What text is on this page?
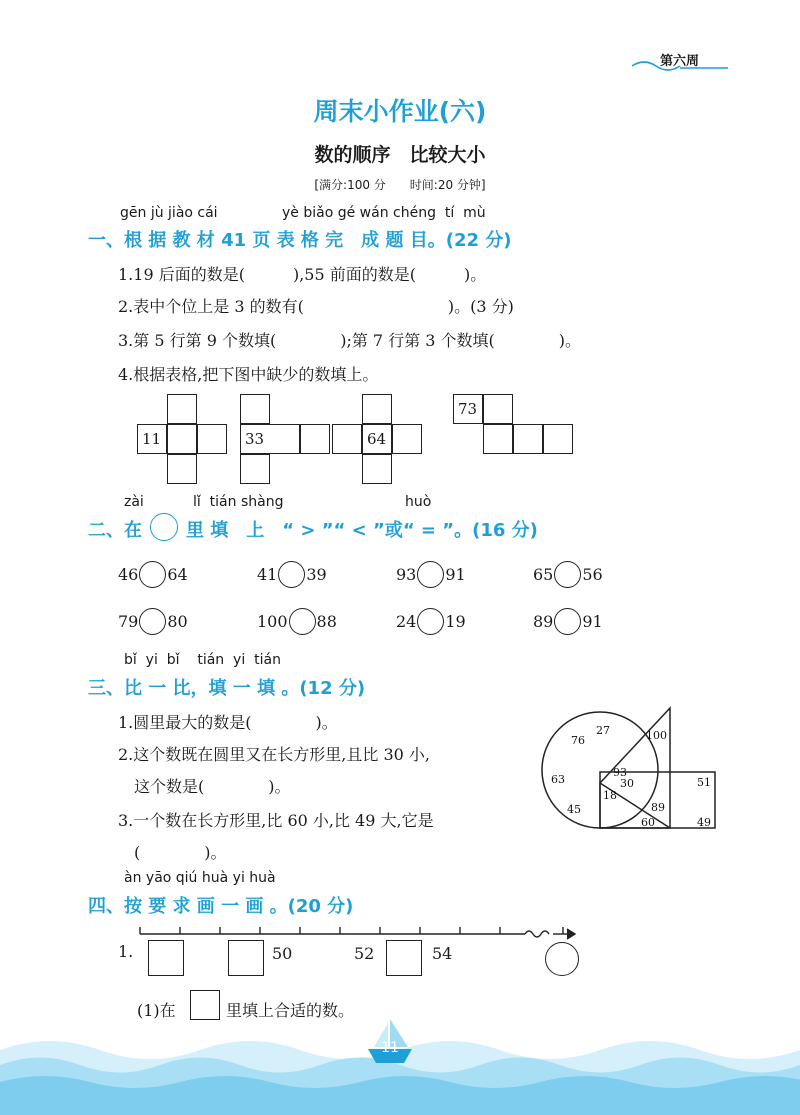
第六周
周末小作业(六)
数的顺序　比较大小
[满分:100 分　　时间:20 分钟]
gēn jù jiào cái	yè biǎo gé wán chéng  tí  mù
一、根 据 教 材 41 页 表 格 完　成 题 目。(22 分)
1.19 后面的数是(　　　),55 前面的数是(　　　)。
2.表中个位上是 3 的数有(　　　　　　　　　)。(3 分)
3.第 5 行第 9 个数填(　　　　);第 7 行第 3 个数填(　　　　)。
4.根据表格,把下图中缺少的数填上。
11	33	64
73
zài	lǐ  tián shàng	huò
二、在 里 填　上　“ > ”“ < ”或“ = ”。(16 分)
46 64	41 39	93 91	65 56
79 80	100 88	24 19	89 91
bǐ  yi  bǐ    tián  yi  tián
三、比 一 比，填 一 填 。(12 分)
1.圆里最大的数是(　　　　)。
2.这个数既在圆里又在长方形里,且比 30 小,
　这个数是(　　　　)。
3.一个数在长方形里,比 60 小,比 49 大,它是
　(　　　　)。
27	100
76
93
30	51
63
18
45	89
60	49
àn yāo qiú huà yi huà
四、按 要 求 画 一 画 。(20 分)
1.	50	52	54
(1)在	里填上合适的数。
11
